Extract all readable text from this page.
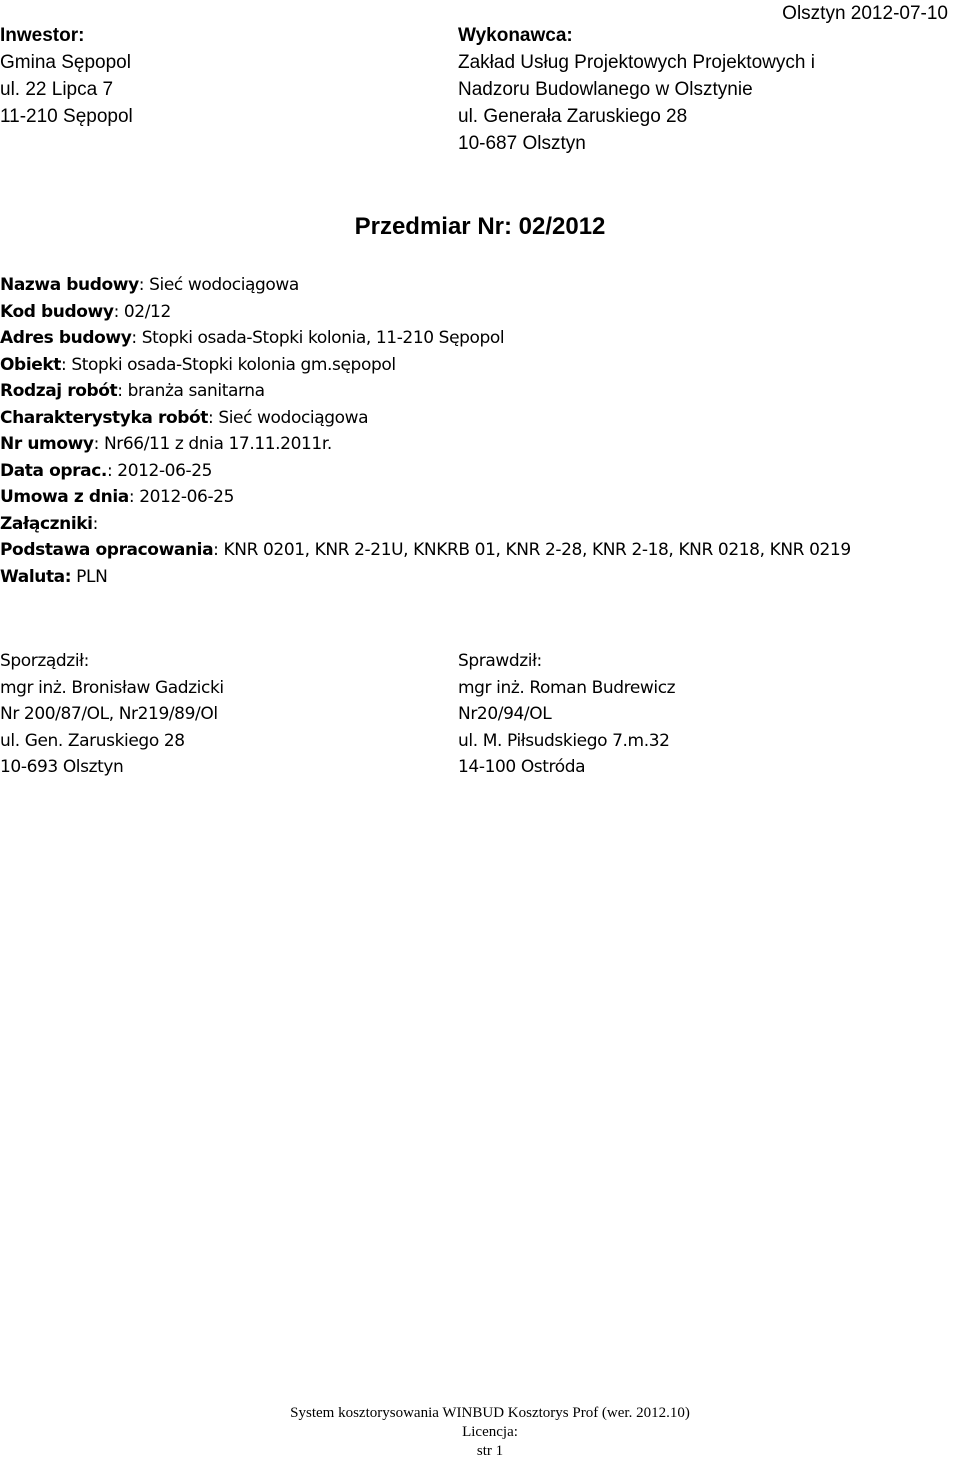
Olsztyn 2012-07-10
Inwestor:
Gmina Sępopol
ul. 22 Lipca 7
11-210 Sępopol
Wykonawca:
Zakład Usług Projektowych Projektowych i
Nadzoru Budowlanego w Olsztynie
ul. Generała Zaruskiego 28
10-687 Olsztyn
Przedmiar Nr: 02/2012
Nazwa budowy: Sieć wodociągowa
Kod budowy: 02/12
Adres budowy: Stopki osada-Stopki kolonia, 11-210 Sępopol
Obiekt: Stopki osada-Stopki kolonia gm.sępopol
Rodzaj robót: branża sanitarna
Charakterystyka robót: Sieć wodociągowa
Nr umowy: Nr66/11 z dnia 17.11.2011r.
Data oprac.: 2012-06-25
Umowa z dnia: 2012-06-25
Załączniki:
Podstawa opracowania: KNR 0201, KNR 2-21U, KNKRB 01, KNR 2-28, KNR 2-18, KNR 0218, KNR 0219
Waluta: PLN
Sporządził:
mgr inż. Bronisław Gadzicki
Nr 200/87/OL, Nr219/89/Ol
ul. Gen. Zaruskiego 28
10-693 Olsztyn
Sprawdził:
mgr inż. Roman Budrewicz
Nr20/94/OL
ul. M. Piłsudskiego 7.m.32
14-100 Ostróda
System kosztorysowania WINBUD Kosztorys Prof (wer. 2012.10)
Licencja:
str 1
